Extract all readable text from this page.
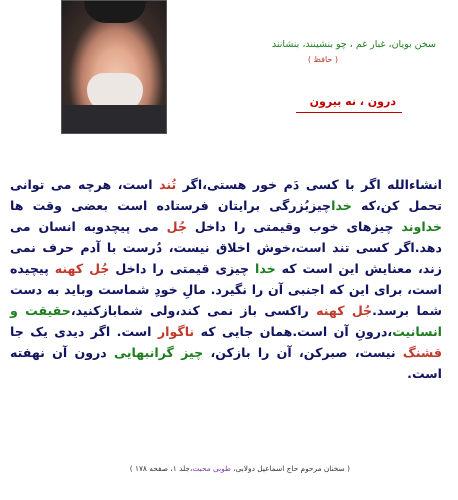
سخن بویان، غبار غم ، چو بنشینند، بنشانند
( حافظ )
درون ، نه بیرون
انشاءالله اگر با کسی دَم خور هستی،اگر تُند است، هرچه می توانی تحمل کن،که خداچیزبُزرگی برایتان فرستاده است بعضی وقت ها خداوند چیزهای خوب وقیمتی را داخل جُل می پیچدوبه انسان می دهد.اگر کسی تند است،خوش اخلاق نیست، دُرست با آدم حرف نمی زند، معنایش این است که خدا چیزی قیمتی را داخل جُل کهنه پیچیده است، برای این که اجنبی آن را نگیرد. مالِ خودِ شماست وباید به دست شما برسد.جُل کهنه راکسی باز نمی کند،ولی شمابازکنید،حقیقت و انسانیت،درونِ آن است.همان جایی که ناگوار است. اگر دیدی یک جا قشنگ نیست، صبرکن، آن را بازکن، چیز گرانبهایی درون آن نهفته است.
( سخنان مرحوم حاج اسماعیل دولابی، طوبی محبت،جلد ۱، صفحه ۱۷۸ )
